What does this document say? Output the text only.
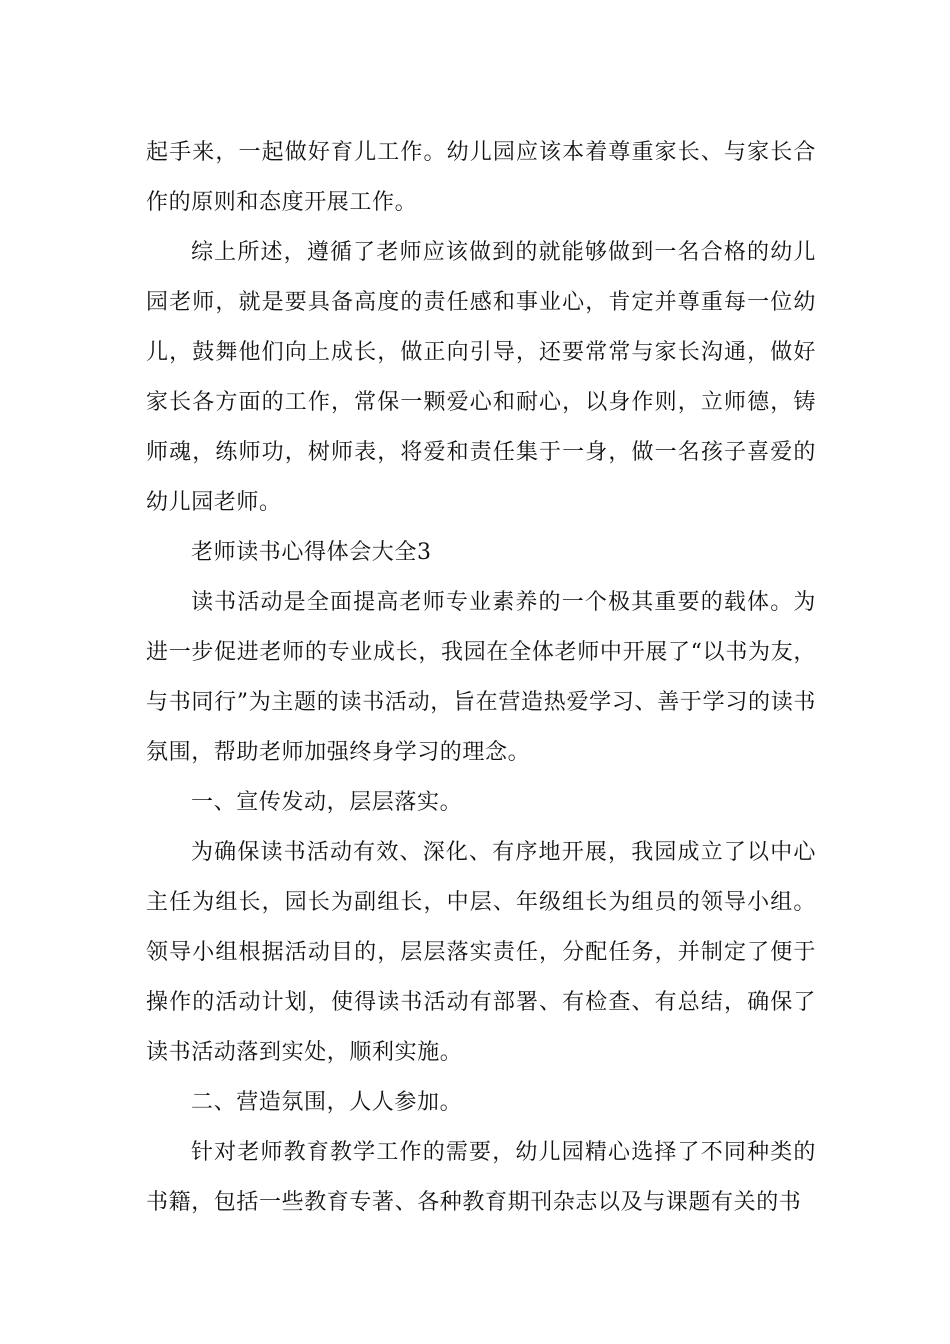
起手来，一起做好育儿工作。幼儿园应该本着尊重家长、与家长合作的原则和态度开展工作。

综上所述，遵循了老师应该做到的就能够做到一名合格的幼儿园老师，就是要具备高度的责任感和事业心，肯定并尊重每一位幼儿，鼓舞他们向上成长，做正向引导，还要常常与家长沟通，做好家长各方面的工作，常保一颗爱心和耐心，以身作则，立师德，铸师魂，练师功，树师表，将爱和责任集于一身，做一名孩子喜爱的幼儿园老师。

老师读书心得体会大全3

读书活动是全面提高老师专业素养的一个极其重要的载体。为进一步促进老师的专业成长，我园在全体老师中开展了“以书为友，与书同行”为主题的读书活动，旨在营造热爱学习、善于学习的读书氛围，帮助老师加强终身学习的理念。

一、宣传发动，层层落实。

为确保读书活动有效、深化、有序地开展，我园成立了以中心主任为组长，园长为副组长，中层、年级组长为组员的领导小组。领导小组根据活动目的，层层落实责任，分配任务，并制定了便于操作的活动计划，使得读书活动有部署、有检查、有总结，确保了读书活动落到实处，顺利实施。

二、营造氛围，人人参加。

针对老师教育教学工作的需要，幼儿园精心选择了不同种类的书籍，包括一些教育专著、各种教育期刊杂志以及与课题有关的书
